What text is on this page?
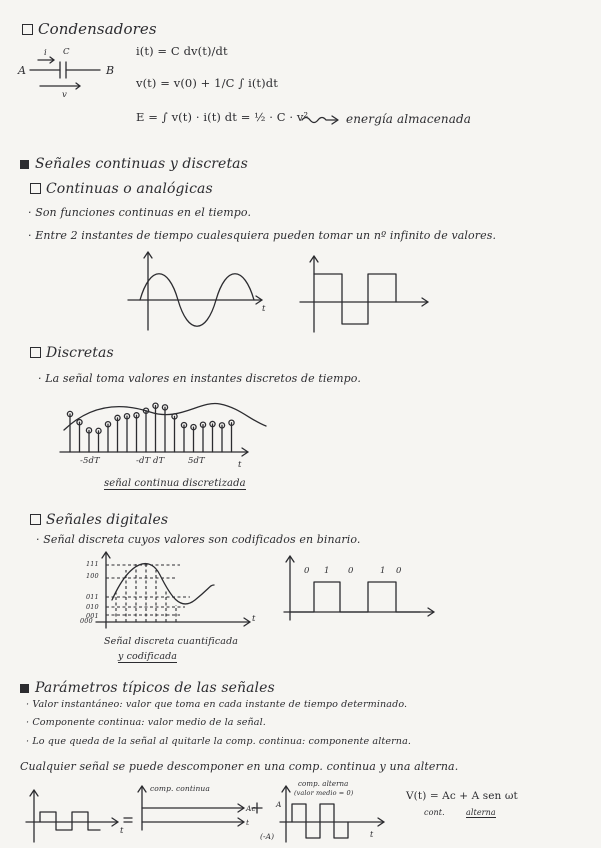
Condensadores
A	B
i C
v
i(t) = C dv(t)/dt
v(t) = v(0) + 1/C ∫ i(t)dt
E = ∫ v(t) · i(t) dt = ½ · C · v²	energía almacenada
Señales continuas y discretas
Continuas o analógicas
· Son funciones continuas en el tiempo.
· Entre 2 instantes de tiempo cualesquiera pueden tomar un nº infinito de valores.
t
Discretas
· La señal toma valores en instantes discretos de tiempo.
-5dT	-dT dT	5dT	t
señal continua discretizada
Señales digitales
· Señal discreta cuyos valores son codificados en binario.
111
100
011
010
001
000
0 1 0	1 0
t
Señal discreta cuantificada
y codificada
Parámetros típicos de las señales
· Valor instantáneo: valor que toma en cada instante de tiempo determinado.
· Componente continua: valor medio de la señal.
· Lo que queda de la señal al quitarle la comp. continua: componente alterna.
Cualquier señal se puede descomponer en una comp. continua y una alterna.
comp. continua
Ac
t
comp. alterna
(valor medio = 0)
A
(-A)	t
t
V(t) = Ac + A sen ωt
cont.	alterna
